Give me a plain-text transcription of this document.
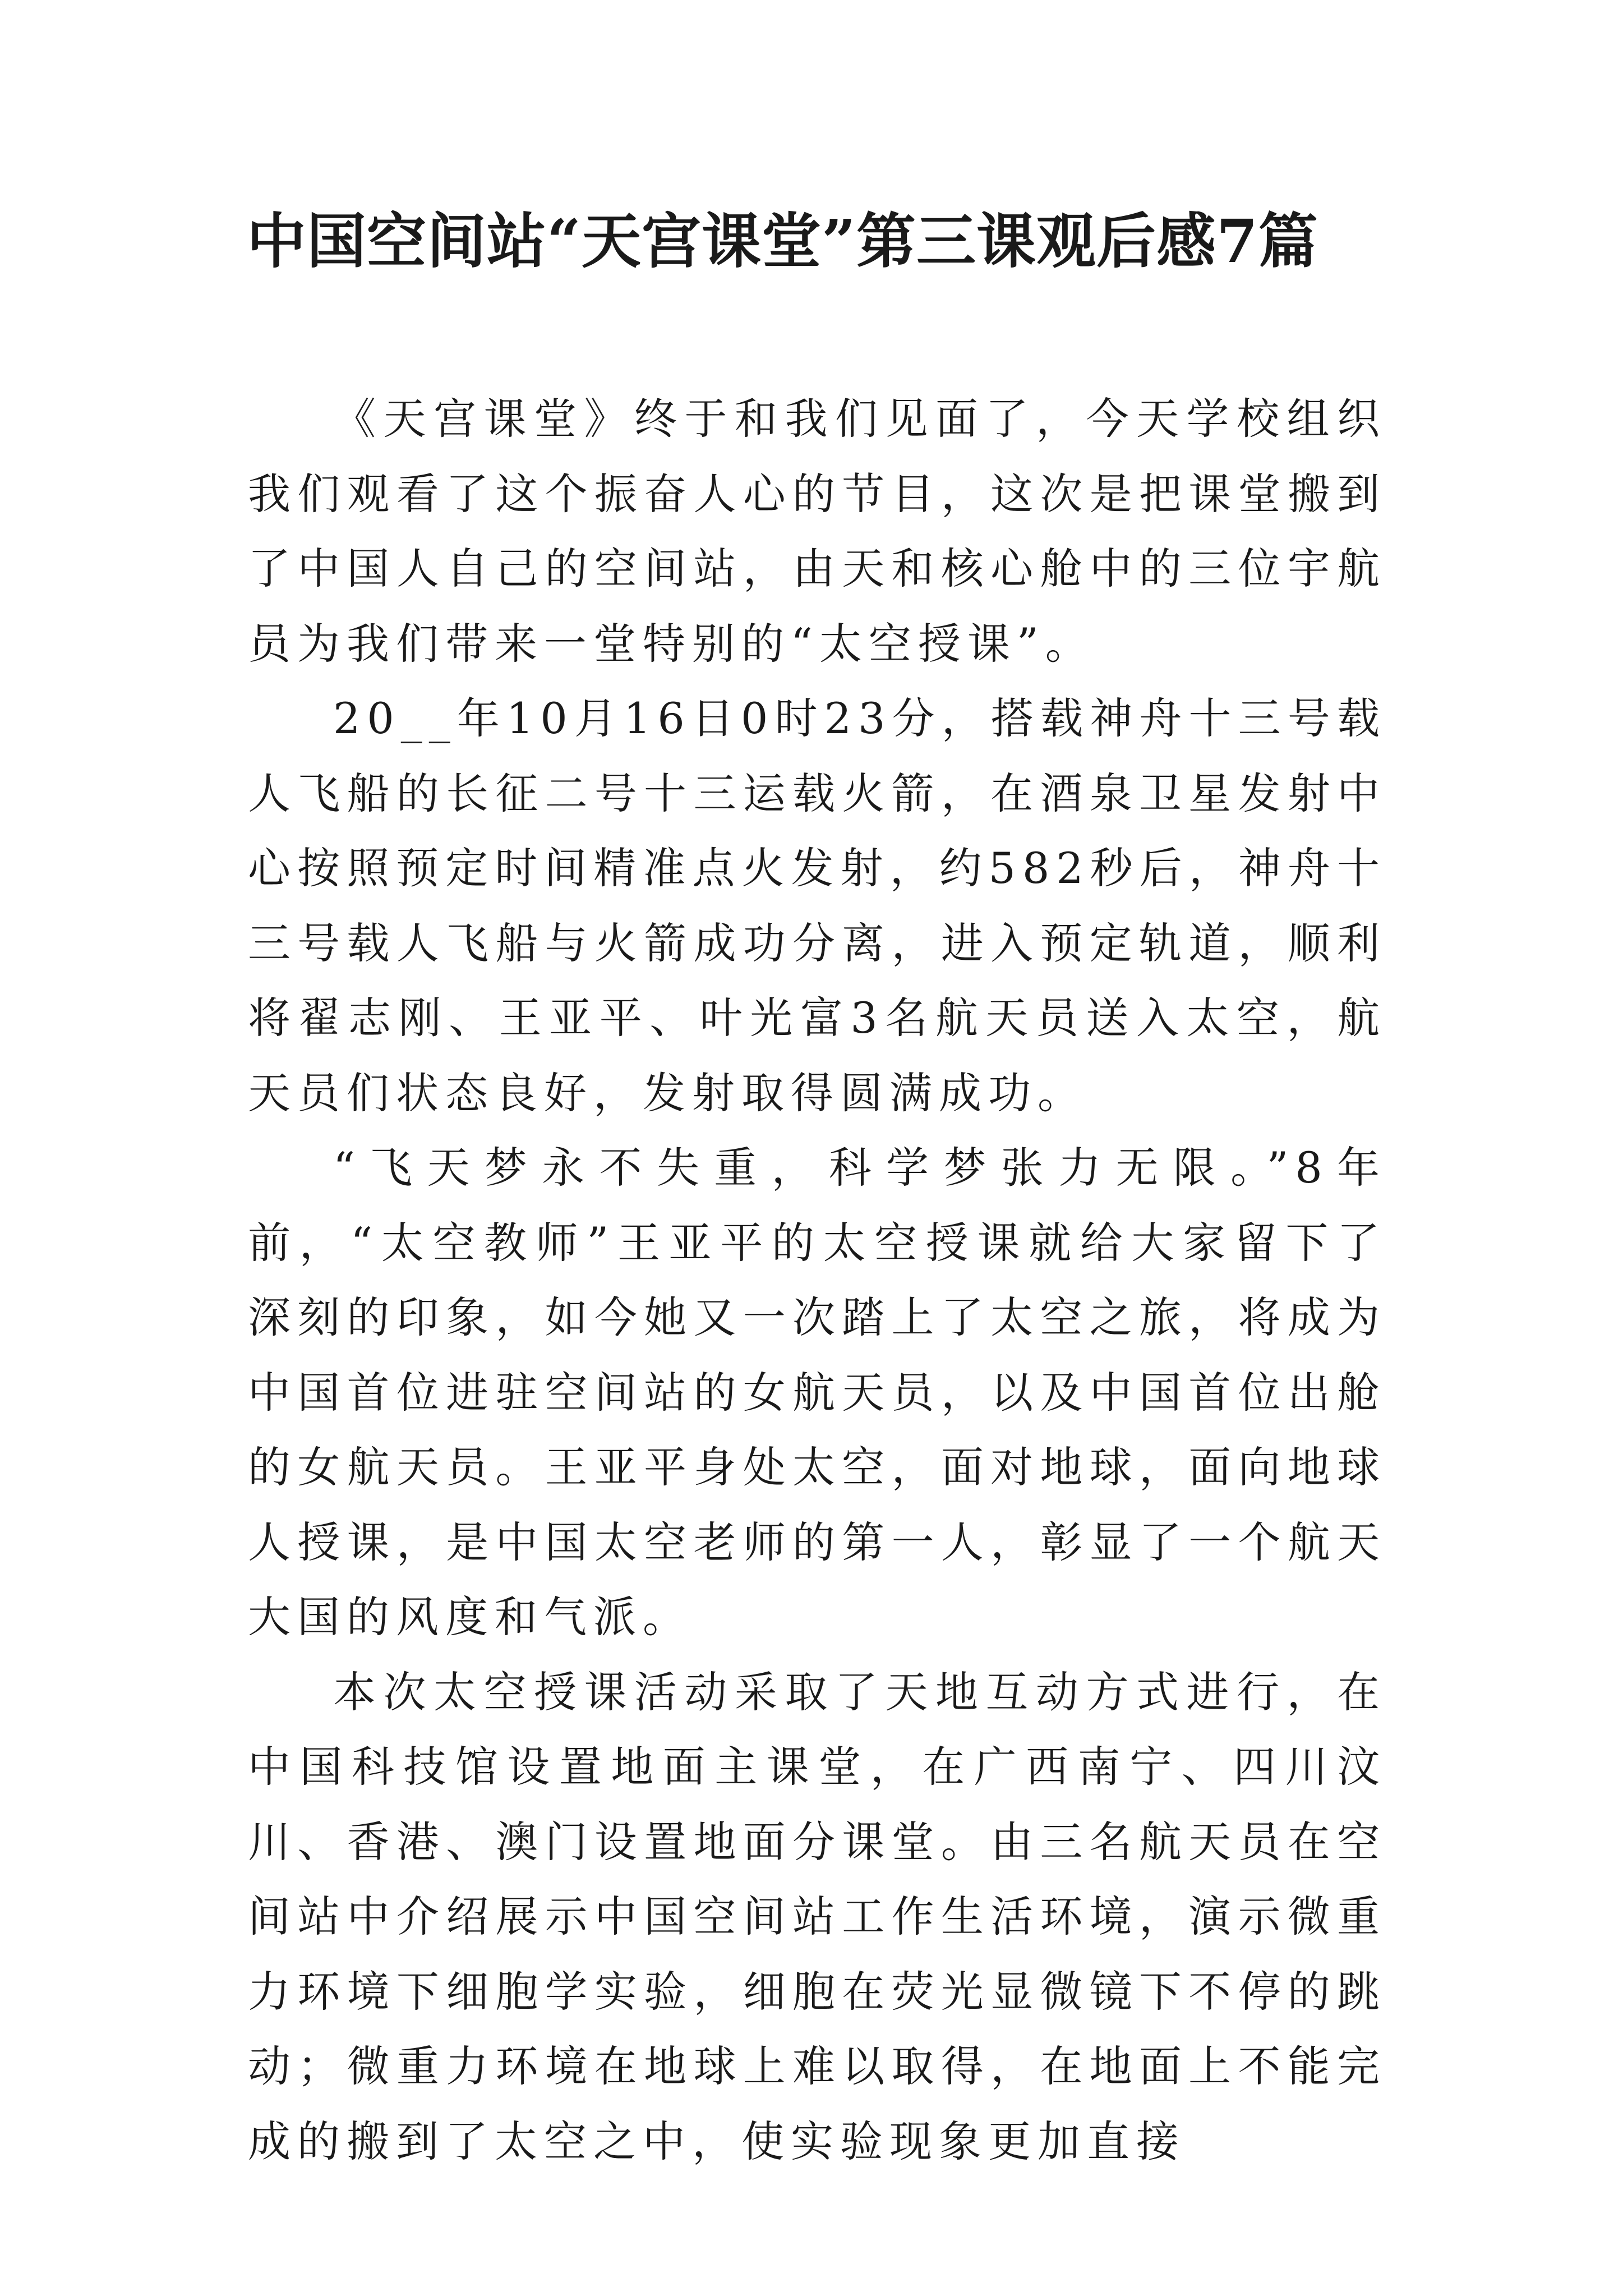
中国空间站“天宫课堂”第三课观后感7篇

《天宫课堂》终于和我们见面了，今天学校组织我们观看了这个振奋人心的节目，这次是把课堂搬到了中国人自己的空间站，由天和核心舱中的三位宇航员为我们带来一堂特别的“太空授课”。

20__年10月16日0时23分，搭载神舟十三号载人飞船的长征二号十三运载火箭，在酒泉卫星发射中心按照预定时间精准点火发射，约582秒后，神舟十三号载人飞船与火箭成功分离，进入预定轨道，顺利将翟志刚、王亚平、叶光富3名航天员送入太空，航天员们状态良好，发射取得圆满成功。

“飞天梦永不失重，科学梦张力无限。”8年前，“太空教师”王亚平的太空授课就给大家留下了深刻的印象，如今她又一次踏上了太空之旅，将成为中国首位进驻空间站的女航天员，以及中国首位出舱的女航天员。王亚平身处太空，面对地球，面向地球人授课，是中国太空老师的第一人，彰显了一个航天大国的风度和气派。

本次太空授课活动采取了天地互动方式进行，在中国科技馆设置地面主课堂，在广西南宁、四川汶川、香港、澳门设置地面分课堂。由三名航天员在空间站中介绍展示中国空间站工作生活环境，演示微重力环境下细胞学实验，细胞在荧光显微镜下不停的跳动；微重力环境在地球上难以取得，在地面上不能完成的搬到了太空之中，使实验现象更加直接
